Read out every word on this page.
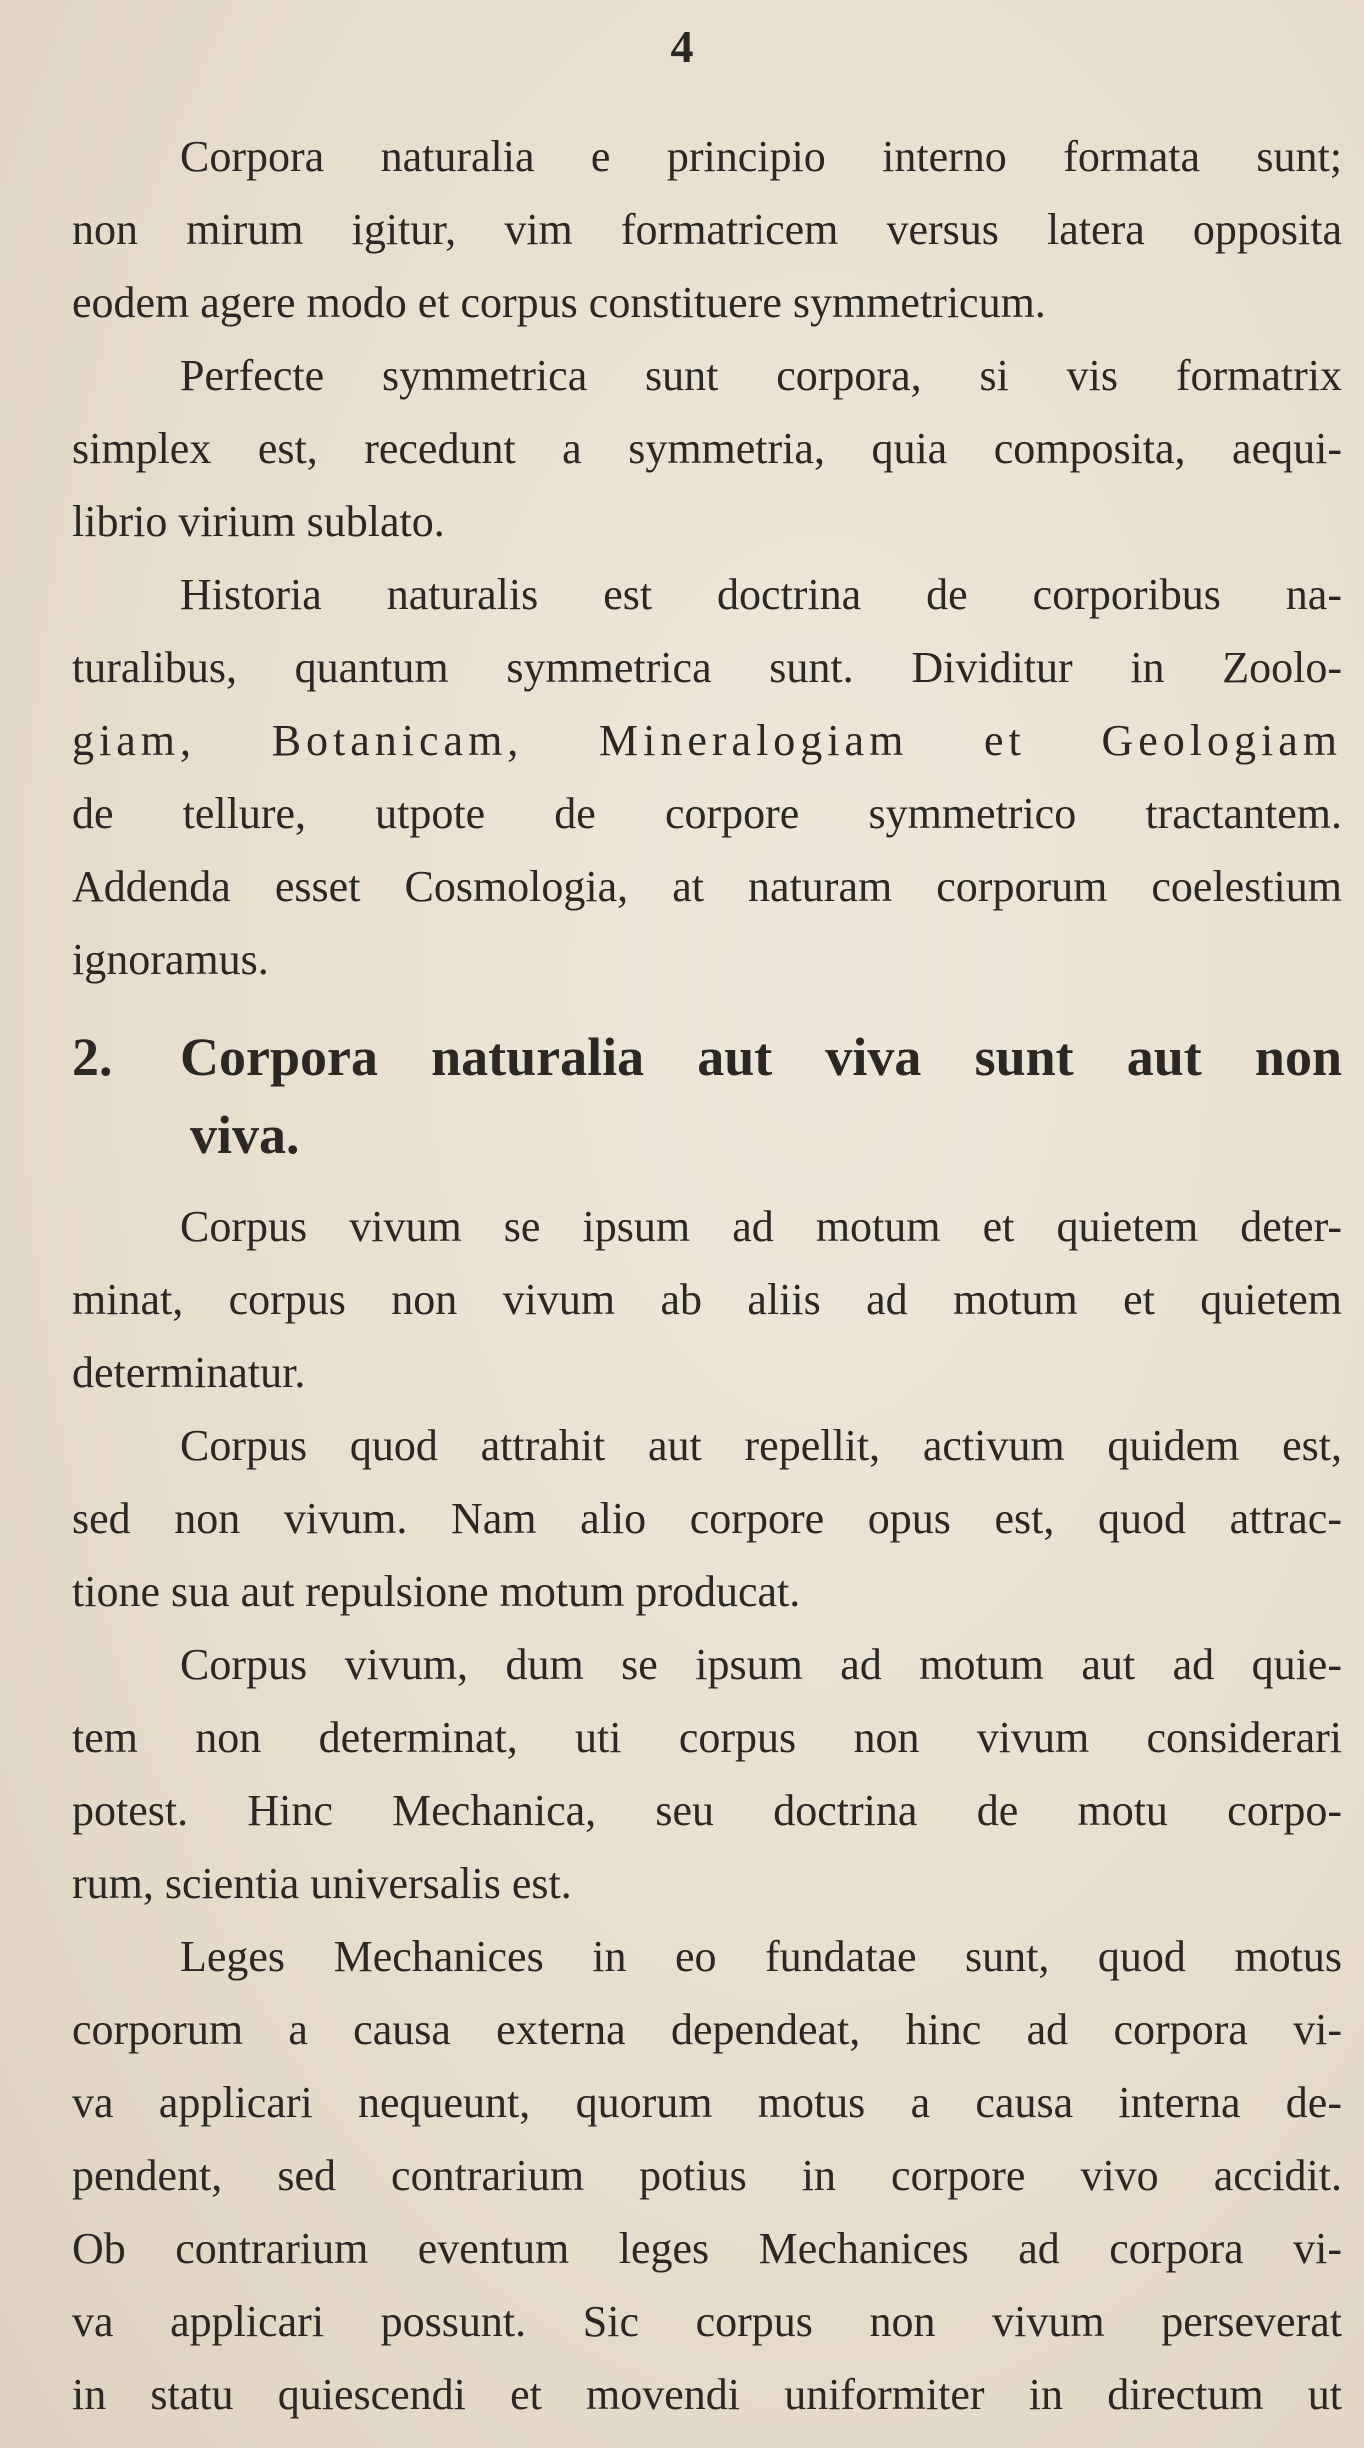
4
Corpora naturalia e principio interno formata sunt;
non mirum igitur, vim formatricem versus latera opposita
eodem agere modo et corpus constituere symmetricum.
Perfecte symmetrica sunt corpora, si vis formatrix
simplex est, recedunt a symmetria, quia composita, aequi-
librio virium sublato.
Historia naturalis est doctrina de corporibus na-
turalibus, quantum symmetrica sunt. Dividitur in Zoolo-
giam, Botanicam, Mineralogiam et Geologiam
de tellure, utpote de corpore symmetrico tractantem.
Addenda esset Cosmologia, at naturam corporum coelestium
ignoramus.
2. Corpora naturalia aut viva sunt aut non
viva.
Corpus vivum se ipsum ad motum et quietem deter-
minat, corpus non vivum ab aliis ad motum et quietem
determinatur.
Corpus quod attrahit aut repellit, activum quidem est,
sed non vivum. Nam alio corpore opus est, quod attrac-
tione sua aut repulsione motum producat.
Corpus vivum, dum se ipsum ad motum aut ad quie-
tem non determinat, uti corpus non vivum considerari
potest. Hinc Mechanica, seu doctrina de motu corpo-
rum, scientia universalis est.
Leges Mechanices in eo fundatae sunt, quod motus
corporum a causa externa dependeat, hinc ad corpora vi-
va applicari nequeunt, quorum motus a causa interna de-
pendent, sed contrarium potius in corpore vivo accidit.
Ob contrarium eventum leges Mechanices ad corpora vi-
va applicari possunt. Sic corpus non vivum perseverat
in statu quiescendi et movendi uniformiter in directum ut
